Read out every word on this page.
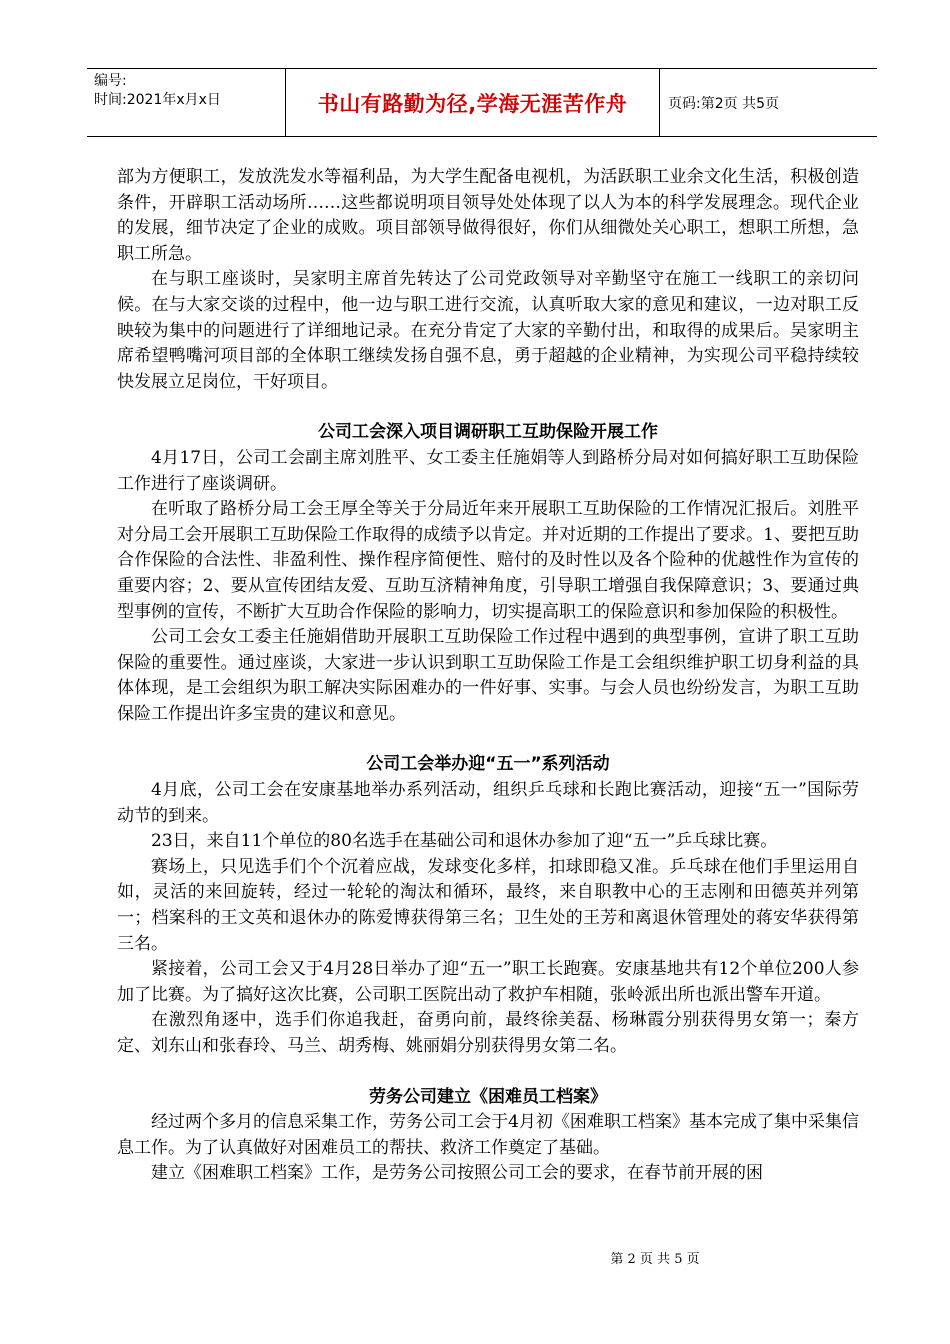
编号:
时间:2021年x月x日	书山有路勤为径,学海无涯苦作舟	页码:第2页 共5页

部为方便职工，发放洗发水等福利品，为大学生配备电视机，为活跃职工业余文化生活，积极创造条件，开辟职工活动场所……这些都说明项目领导处处体现了以人为本的科学发展理念。现代企业的发展，细节决定了企业的成败。项目部领导做得很好，你们从细微处关心职工，想职工所想，急职工所急。

在与职工座谈时，吴家明主席首先转达了公司党政领导对辛勤坚守在施工一线职工的亲切问候。在与大家交谈的过程中，他一边与职工进行交流，认真听取大家的意见和建议，一边对职工反映较为集中的问题进行了详细地记录。在充分肯定了大家的辛勤付出，和取得的成果后。吴家明主席希望鸭嘴河项目部的全体职工继续发扬自强不息，勇于超越的企业精神，为实现公司平稳持续较快发展立足岗位，干好项目。

公司工会深入项目调研职工互助保险开展工作

4月17日，公司工会副主席刘胜平、女工委主任施娟等人到路桥分局对如何搞好职工互助保险工作进行了座谈调研。

在听取了路桥分局工会王厚全等关于分局近年来开展职工互助保险的工作情况汇报后。刘胜平对分局工会开展职工互助保险工作取得的成绩予以肯定。并对近期的工作提出了要求。1、要把互助合作保险的合法性、非盈利性、操作程序简便性、赔付的及时性以及各个险种的优越性作为宣传的重要内容；2、要从宣传团结友爱、互助互济精神角度，引导职工增强自我保障意识；3、要通过典型事例的宣传，不断扩大互助合作保险的影响力，切实提高职工的保险意识和参加保险的积极性。

公司工会女工委主任施娟借助开展职工互助保险工作过程中遇到的典型事例，宣讲了职工互助保险的重要性。通过座谈，大家进一步认识到职工互助保险工作是工会组织维护职工切身利益的具体体现，是工会组织为职工解决实际困难办的一件好事、实事。与会人员也纷纷发言，为职工互助保险工作提出许多宝贵的建议和意见。

公司工会举办迎“五一”系列活动

4月底，公司工会在安康基地举办系列活动，组织乒乓球和长跑比赛活动，迎接“五一”国际劳动节的到来。

23日，来自11个单位的80名选手在基础公司和退休办参加了迎“五一”乒乓球比赛。

赛场上，只见选手们个个沉着应战，发球变化多样，扣球即稳又准。乒乓球在他们手里运用自如，灵活的来回旋转，经过一轮轮的淘汰和循环，最终，来自职教中心的王志刚和田德英并列第一；档案科的王文英和退休办的陈爱博获得第三名；卫生处的王芳和离退休管理处的蒋安华获得第三名。

紧接着，公司工会又于4月28日举办了迎“五一”职工长跑赛。安康基地共有12个单位200人参加了比赛。为了搞好这次比赛，公司职工医院出动了救护车相随，张岭派出所也派出警车开道。

在激烈角逐中，选手们你追我赶，奋勇向前，最终徐美磊、杨琳霞分别获得男女第一；秦方定、刘东山和张春玲、马兰、胡秀梅、姚丽娟分别获得男女第二名。

劳务公司建立《困难员工档案》

经过两个多月的信息采集工作，劳务公司工会于4月初《困难职工档案》基本完成了集中采集信息工作。为了认真做好对困难员工的帮扶、救济工作奠定了基础。

建立《困难职工档案》工作，是劳务公司按照公司工会的要求，在春节前开展的困

第 2 页 共 5 页
